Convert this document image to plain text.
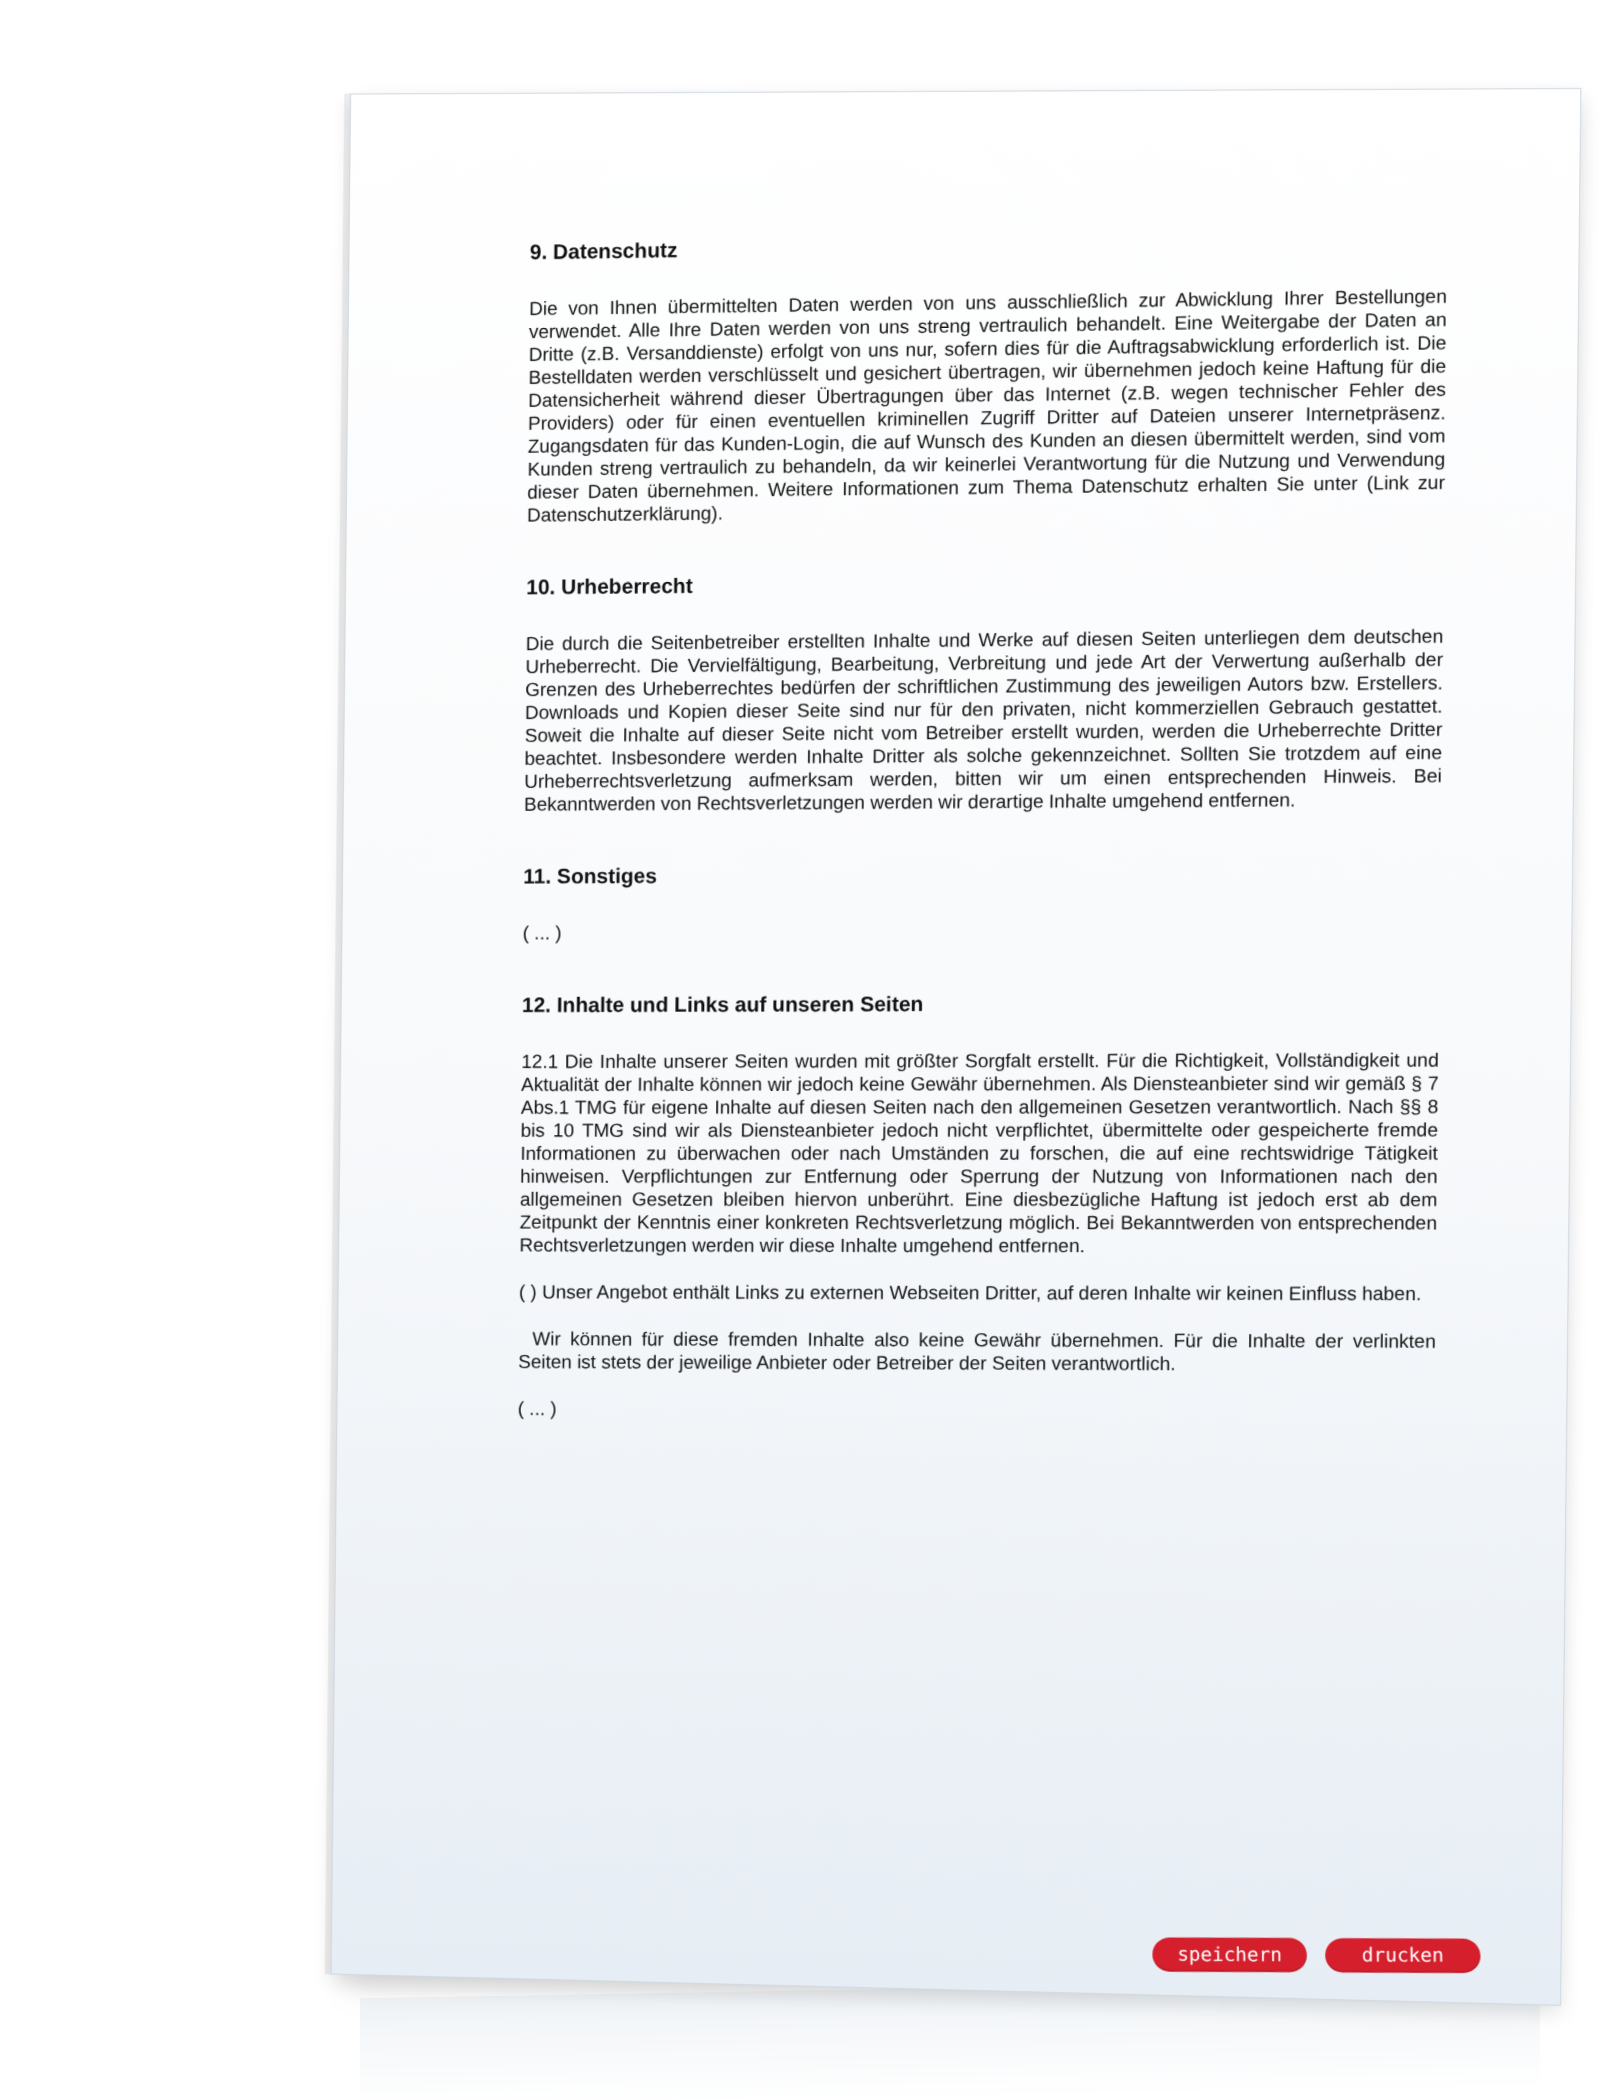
9. Datenschutz

Die von Ihnen übermittelten Daten werden von uns ausschließlich zur Abwicklung Ihrer Bestellungen verwendet. Alle Ihre Daten werden von uns streng vertraulich behandelt. Eine Weitergabe der Daten an Dritte (z.B. Versanddienste) erfolgt von uns nur, sofern dies für die Auftragsabwicklung erforderlich ist. Die Bestelldaten werden verschlüsselt und gesichert übertragen, wir übernehmen jedoch keine Haftung für die Datensicherheit während dieser Übertragungen über das Internet (z.B. wegen technischer Fehler des Providers) oder für einen eventuellen kriminellen Zugriff Dritter auf Dateien unserer Internetpräsenz. Zugangsdaten für das Kunden-Login, die auf Wunsch des Kunden an diesen übermittelt werden, sind vom Kunden streng vertraulich zu behandeln, da wir keinerlei Verantwortung für die Nutzung und Verwendung dieser Daten übernehmen. Weitere Informationen zum Thema Datenschutz erhalten Sie unter (Link zur Datenschutzerklärung).

10. Urheberrecht

Die durch die Seitenbetreiber erstellten Inhalte und Werke auf diesen Seiten unterliegen dem deutschen Urheberrecht. Die Vervielfältigung, Bearbeitung, Verbreitung und jede Art der Verwertung außerhalb der Grenzen des Urheberrechtes bedürfen der schriftlichen Zustimmung des jeweiligen Autors bzw. Erstellers. Downloads und Kopien dieser Seite sind nur für den privaten, nicht kommerziellen Gebrauch gestattet. Soweit die Inhalte auf dieser Seite nicht vom Betreiber erstellt wurden, werden die Urheberrechte Dritter beachtet. Insbesondere werden Inhalte Dritter als solche gekennzeichnet. Sollten Sie trotzdem auf eine Urheberrechtsverletzung aufmerksam werden, bitten wir um einen entsprechenden Hinweis. Bei Bekanntwerden von Rechtsverletzungen werden wir derartige Inhalte umgehend entfernen.

11. Sonstiges

( ... )

12. Inhalte und Links auf unseren Seiten

12.1 Die Inhalte unserer Seiten wurden mit größter Sorgfalt erstellt. Für die Richtigkeit, Vollständigkeit und Aktualität der Inhalte können wir jedoch keine Gewähr übernehmen. Als Diensteanbieter sind wir gemäß § 7 Abs.1 TMG für eigene Inhalte auf diesen Seiten nach den allgemeinen Gesetzen verantwortlich. Nach §§ 8 bis 10 TMG sind wir als Diensteanbieter jedoch nicht verpflichtet, übermittelte oder gespeicherte fremde Informationen zu überwachen oder nach Umständen zu forschen, die auf eine rechtswidrige Tätigkeit hinweisen. Verpflichtungen zur Entfernung oder Sperrung der Nutzung von Informationen nach den allgemeinen Gesetzen bleiben hiervon unberührt. Eine diesbezügliche Haftung ist jedoch erst ab dem Zeitpunkt der Kenntnis einer konkreten Rechtsverletzung möglich. Bei Bekanntwerden von entsprechenden Rechtsverletzungen werden wir diese Inhalte umgehend entfernen.

( ) Unser Angebot enthält Links zu externen Webseiten Dritter, auf deren Inhalte wir keinen Einfluss haben.

Wir können für diese fremden Inhalte also keine Gewähr übernehmen. Für die Inhalte der verlinkten Seiten ist stets der jeweilige Anbieter oder Betreiber der Seiten verantwortlich.

( ... )

speichern	drucken
